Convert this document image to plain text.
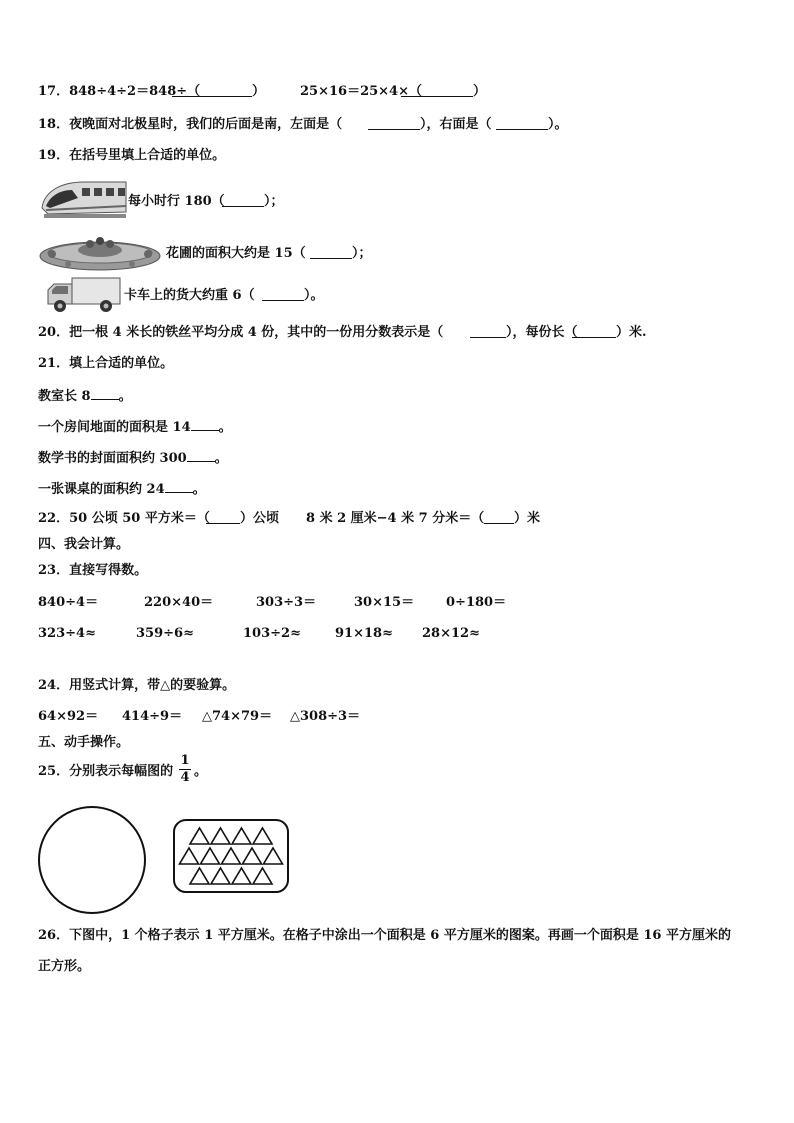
17．848÷4÷2＝848÷（	）	25×16＝25×4×（	）
18．夜晚面对北极星时，我们的后面是南，左面是（	），右面是（	）。
19．在括号里填上合适的单位。
每小时行 180（	）；
花圃的面积大约是 15（	）；
卡车上的货大约重 6（	）。
20．把一根 4 米长的铁丝平均分成 4 份，其中的一份用分数表示是（	），每份长（	）米.
21．填上合适的单位。
教室长 8 。
一个房间地面的面积是 14 。
数学书的封面面积约 300 。
一张课桌的面积约 24 。
22．50 公顷 50 平方米＝（ ）公顷 8 米 2 厘米−4 米 7 分米＝（ ）米
四、我会计算。
23．直接写得数。
840÷4＝	220×40＝	303÷3＝	30×15＝ 0÷180＝
323÷4≈	359÷6≈	103÷2≈	91×18≈ 28×12≈
24．用竖式计算，带△的要验算。
64×92＝ 414÷9＝ △74×79＝ △308÷3＝
五、动手操作。
25．分别表示每幅图的
1
4 。
26．下图中，1 个格子表示 1 平方厘米。在格子中涂出一个面积是 6 平方厘米的图案。再画一个面积是 16 平方厘米的
正方形。
